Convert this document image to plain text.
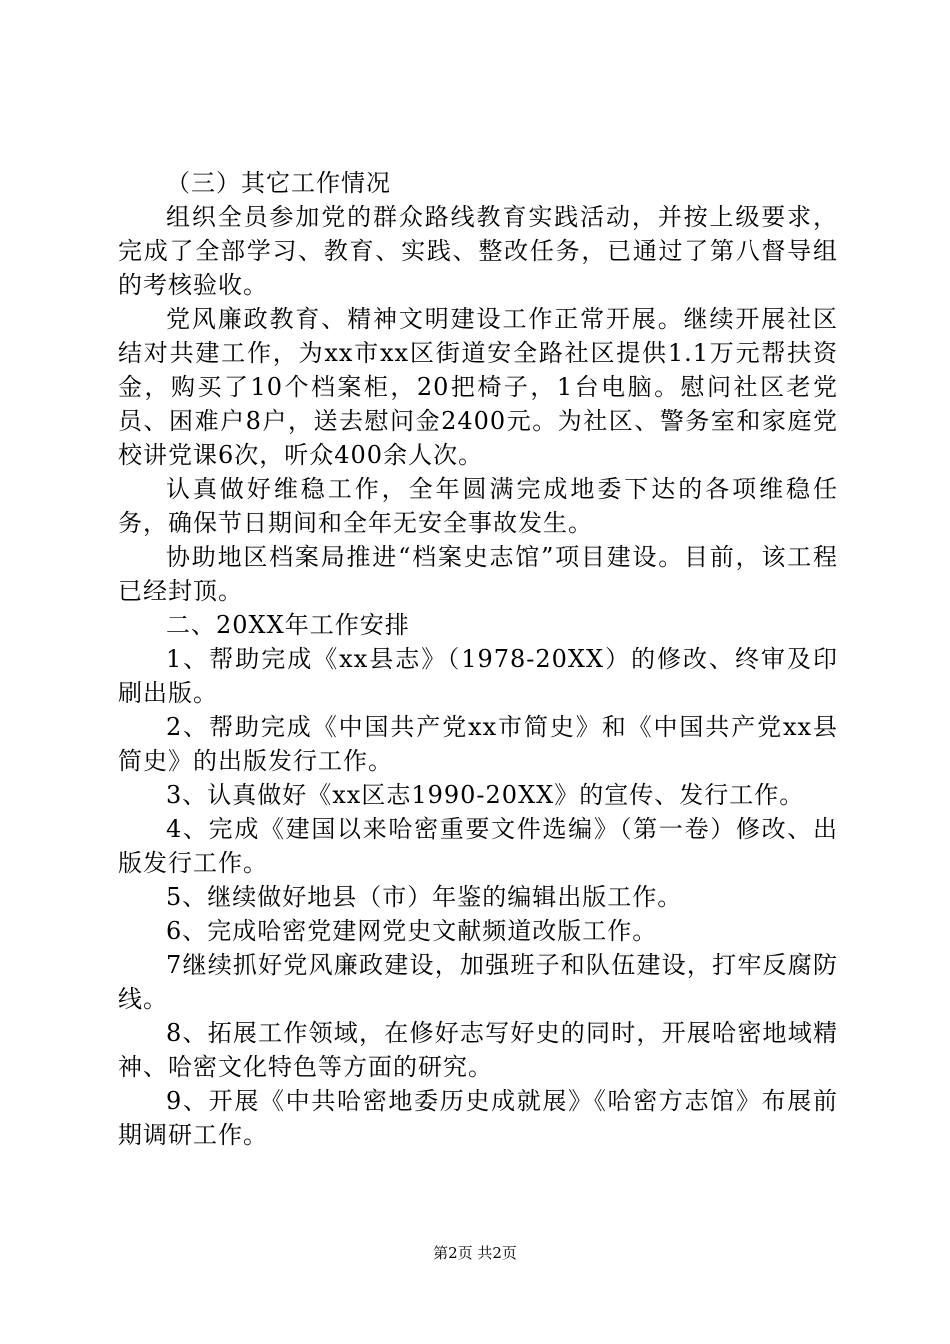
（三）其它工作情况

组织全员参加党的群众路线教育实践活动，并按上级要求，完成了全部学习、教育、实践、整改任务，已通过了第八督导组的考核验收。

党风廉政教育、精神文明建设工作正常开展。继续开展社区结对共建工作，为xx市xx区街道安全路社区提供1.1万元帮扶资金，购买了10个档案柜，20把椅子，1台电脑。慰问社区老党员、困难户8户，送去慰问金2400元。为社区、警务室和家庭党校讲党课6次，听众400余人次。

认真做好维稳工作，全年圆满完成地委下达的各项维稳任务，确保节日期间和全年无安全事故发生。

协助地区档案局推进“档案史志馆”项目建设。目前，该工程已经封顶。

二、20XX年工作安排

1、帮助完成《xx县志》（1978-20XX）的修改、终审及印刷出版。

2、帮助完成《中国共产党xx市简史》和《中国共产党xx县简史》的出版发行工作。

3、认真做好《xx区志1990-20XX》的宣传、发行工作。

4、完成《建国以来哈密重要文件选编》（第一卷）修改、出版发行工作。

5、继续做好地县（市）年鉴的编辑出版工作。

6、完成哈密党建网党史文献频道改版工作。

7继续抓好党风廉政建设，加强班子和队伍建设，打牢反腐防线。

8、拓展工作领域，在修好志写好史的同时，开展哈密地域精神、哈密文化特色等方面的研究。

9、开展《中共哈密地委历史成就展》《哈密方志馆》布展前期调研工作。

第2页 共2页
